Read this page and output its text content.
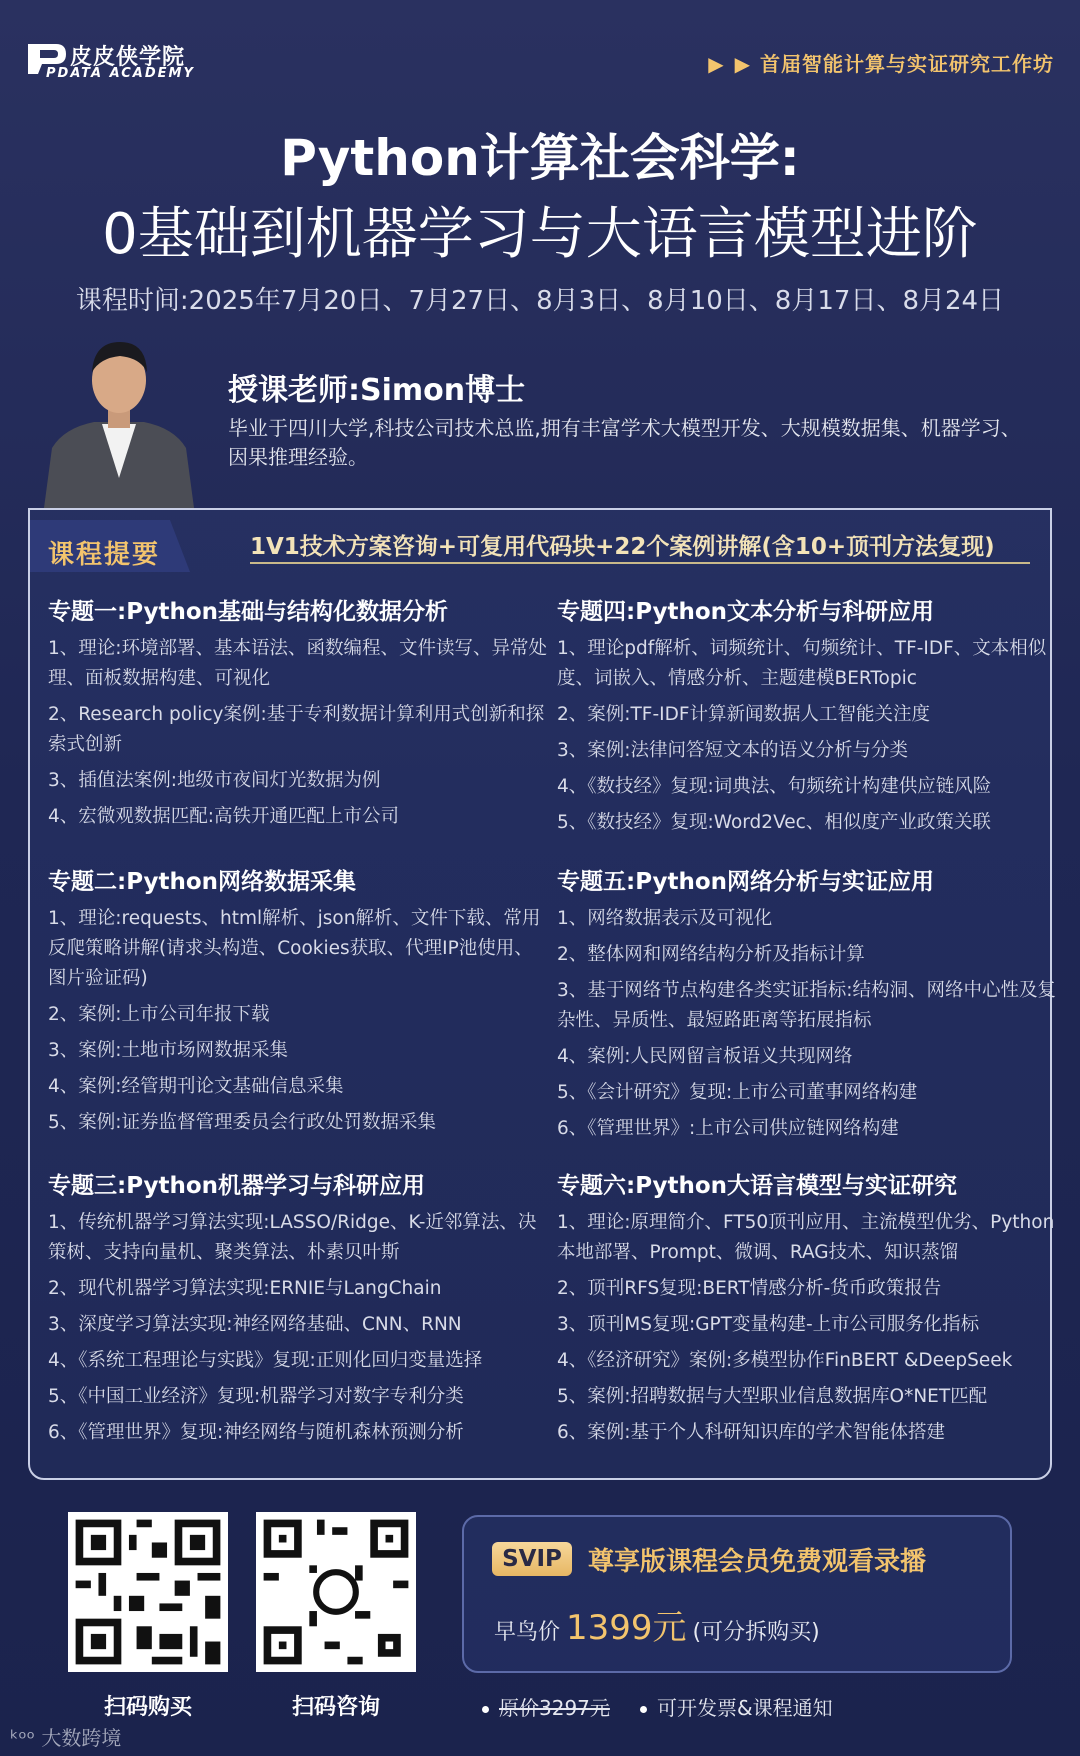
皮皮侠学院
PDATA ACADEMY	▶ ▶ 首届智能计算与实证研究工作坊
Python计算社会科学:
0基础到机器学习与大语言模型进阶
课程时间:2025年7月20日、7月27日、8月3日、8月10日、8月17日、8月24日
授课老师:Simon博士
毕业于四川大学,科技公司技术总监,拥有丰富学术大模型开发、大规模数据集、机器学习、因果推理经验。
课程提要	1V1技术方案咨询+可复用代码块+22个案例讲解(含10+顶刊方法复现)
专题一:Python基础与结构化数据分析
1、理论:环境部署、基本语法、函数编程、文件读写、异常处理、面板数据构建、可视化
2、Research policy案例:基于专利数据计算利用式创新和探索式创新
3、插值法案例:地级市夜间灯光数据为例
4、宏微观数据匹配:高铁开通匹配上市公司
专题二:Python网络数据采集
1、理论:requests、html解析、json解析、文件下载、常用反爬策略讲解(请求头构造、Cookies获取、代理IP池使用、图片验证码)
2、案例:上市公司年报下载
3、案例:土地市场网数据采集
4、案例:经管期刊论文基础信息采集
5、案例:证券监督管理委员会行政处罚数据采集
专题三:Python机器学习与科研应用
1、传统机器学习算法实现:LASSO/Ridge、K-近邻算法、决策树、支持向量机、聚类算法、朴素贝叶斯
2、现代机器学习算法实现:ERNIE与LangChain
3、深度学习算法实现:神经网络基础、CNN、RNN
4、《系统工程理论与实践》复现:正则化回归变量选择
5、《中国工业经济》复现:机器学习对数字专利分类
6、《管理世界》复现:神经网络与随机森林预测分析
专题四:Python文本分析与科研应用
1、理论pdf解析、词频统计、句频统计、TF-IDF、文本相似度、词嵌入、情感分析、主题建模BERTopic
2、案例:TF-IDF计算新闻数据人工智能关注度
3、案例:法律问答短文本的语义分析与分类
4、《数技经》复现:词典法、句频统计构建供应链风险
5、《数技经》复现:Word2Vec、相似度产业政策关联
专题五:Python网络分析与实证应用
1、网络数据表示及可视化
2、整体网和网络结构分析及指标计算
3、基于网络节点构建各类实证指标:结构洞、网络中心性及复杂性、异质性、最短路距离等拓展指标
4、案例:人民网留言板语义共现网络
5、《会计研究》复现:上市公司董事网络构建
6、《管理世界》:上市公司供应链网络构建
专题六:Python大语言模型与实证研究
1、理论:原理简介、FT50顶刊应用、主流模型优劣、Python本地部署、Prompt、微调、RAG技术、知识蒸馏
2、顶刊RFS复现:BERT情感分析-货币政策报告
3、顶刊MS复现:GPT变量构建-上市公司服务化指标
4、《经济研究》案例:多模型协作FinBERT &DeepSeek
5、案例:招聘数据与大型职业信息数据库O*NET匹配
6、案例:基于个人科研知识库的学术智能体搭建
扫码购买	扫码咨询
SVIP	尊享版课程会员免费观看录播
早鸟价 1399元 (可分拆购买)
原价3297元	可开发票&课程通知
ᵏᵒᵒ 大数跨境
